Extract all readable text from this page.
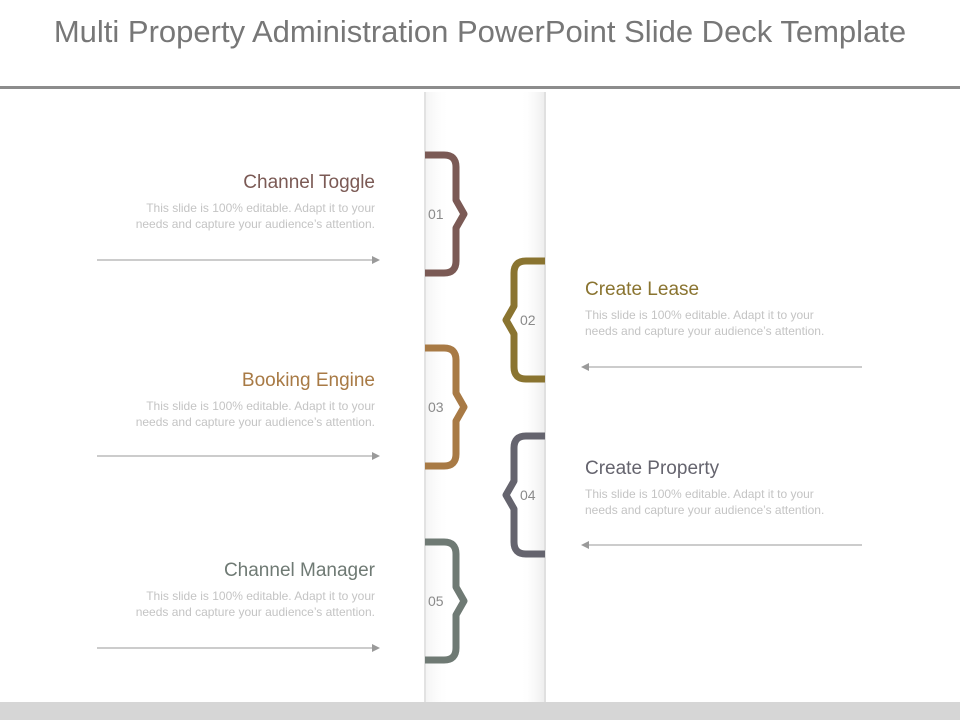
Multi Property Administration PowerPoint Slide Deck Template
Channel Toggle
This slide is 100% editable. Adapt it to your needs and capture your audience’s attention.
01
Create Lease
This slide is 100% editable. Adapt it to your needs and capture your audience’s attention.
02
Booking Engine
This slide is 100% editable. Adapt it to your needs and capture your audience’s attention.
03
Create Property
This slide is 100% editable. Adapt it to your needs and capture your audience’s attention.
04
Channel Manager
This slide is 100% editable. Adapt it to your needs and capture your audience’s attention.
05
